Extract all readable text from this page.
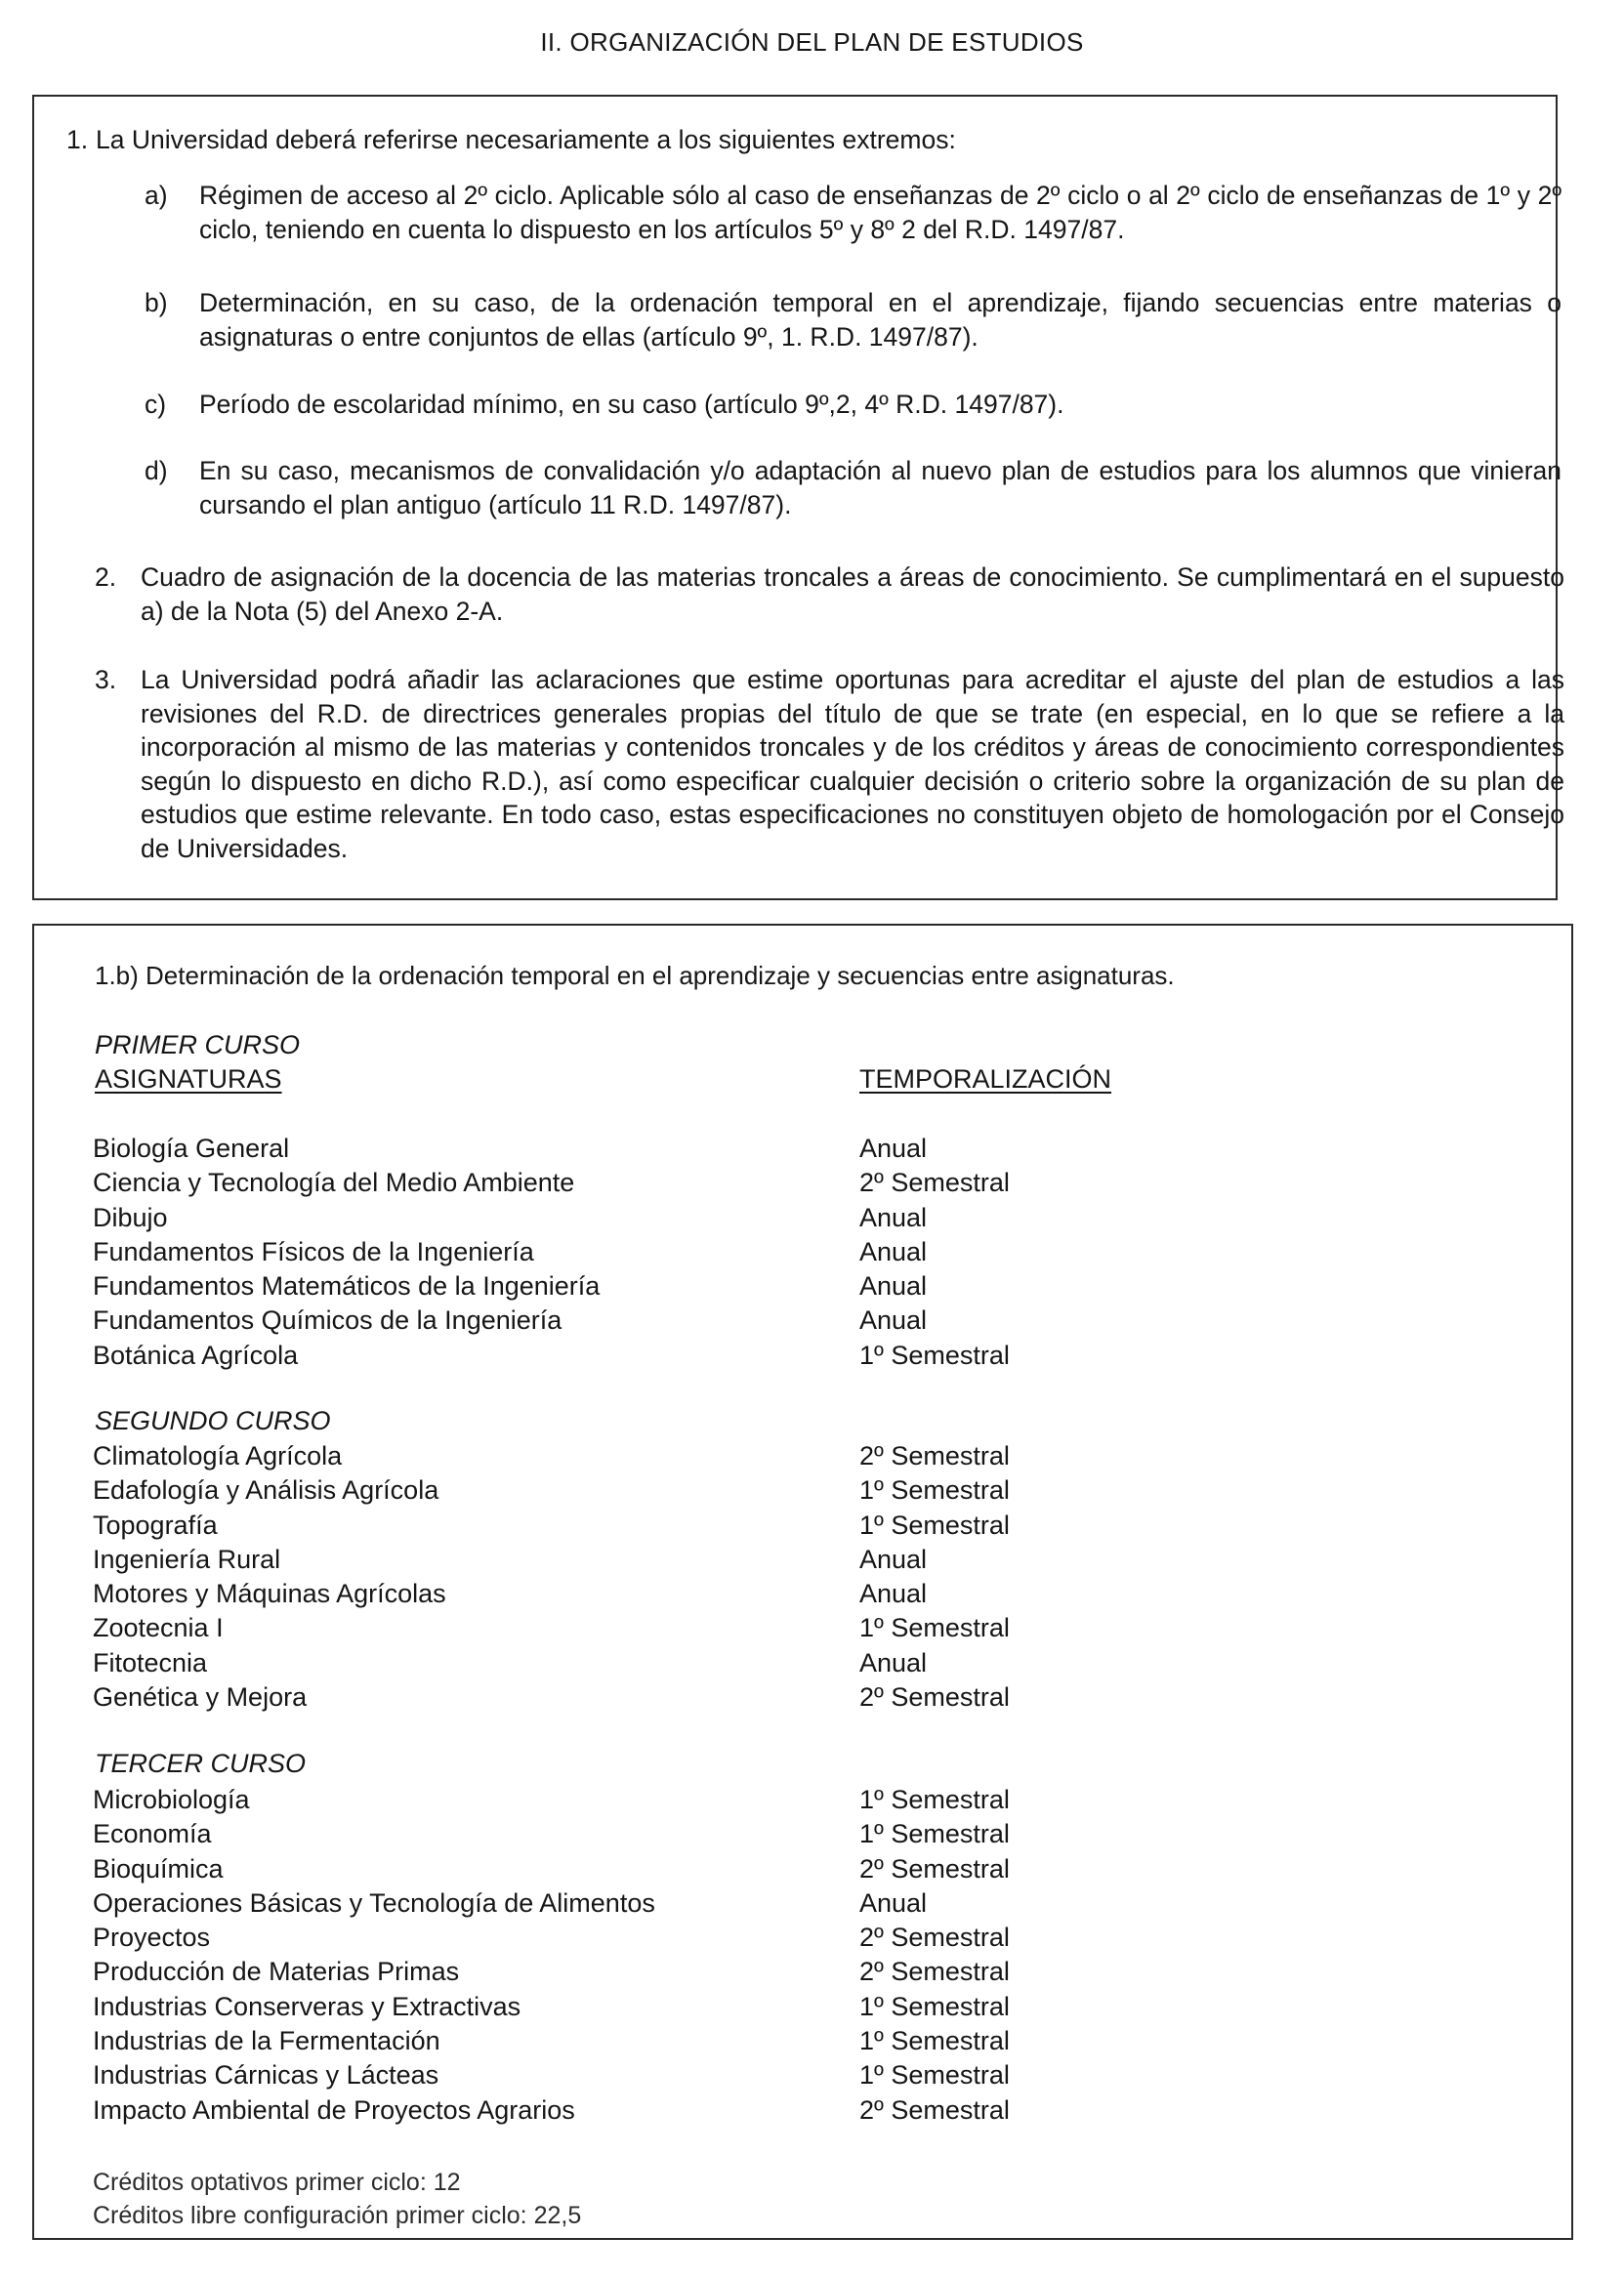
II. ORGANIZACIÓN DEL PLAN DE ESTUDIOS
1. La Universidad deberá referirse necesariamente a los siguientes extremos:
a)	Régimen de acceso al 2º ciclo. Aplicable sólo al caso de enseñanzas de 2º ciclo o al 2º ciclo de enseñanzas de 1º y 2º ciclo, teniendo en cuenta lo dispuesto en los artículos 5º y 8º 2 del R.D. 1497/87.
b)	Determinación, en su caso, de la ordenación temporal en el aprendizaje, fijando secuencias entre materias o asignaturas o entre conjuntos de ellas (artículo 9º, 1. R.D. 1497/87).
c)	Período de escolaridad mínimo, en su caso (artículo 9º,2, 4º R.D. 1497/87).
d)	En su caso, mecanismos de convalidación y/o adaptación al nuevo plan de estudios para los alumnos que vinieran cursando el plan antiguo (artículo 11 R.D. 1497/87).
2. Cuadro de asignación de la docencia de las materias troncales a áreas de conocimiento. Se cumplimentará en el supuesto a) de la Nota (5) del Anexo 2-A.
3. La Universidad podrá añadir las aclaraciones que estime oportunas para acreditar el ajuste del plan de estudios a las revisiones del R.D. de directrices generales propias del título de que se trate (en especial, en lo que se refiere a la incorporación al mismo de las materias y contenidos troncales y de los créditos y áreas de conocimiento correspondientes según lo dispuesto en dicho R.D.), así como especificar cualquier decisión o criterio sobre la organización de su plan de estudios que estime relevante. En todo caso, estas especificaciones no constituyen objeto de homologación por el Consejo de Universidades.
1.b) Determinación de la ordenación temporal en el aprendizaje y secuencias entre asignaturas.
PRIMER CURSO
ASIGNATURAS	TEMPORALIZACIÓN
Biología General	Anual
Ciencia y Tecnología del Medio Ambiente	2º Semestral
Dibujo	Anual
Fundamentos Físicos de la Ingeniería	Anual
Fundamentos Matemáticos de la Ingeniería	Anual
Fundamentos Químicos de la Ingeniería	Anual
Botánica Agrícola	1º Semestral
SEGUNDO CURSO
Climatología Agrícola	2º Semestral
Edafología y Análisis Agrícola	1º Semestral
Topografía	1º Semestral
Ingeniería Rural	Anual
Motores y Máquinas Agrícolas	Anual
Zootecnia I	1º Semestral
Fitotecnia	Anual
Genética y Mejora	2º Semestral
TERCER CURSO
Microbiología	1º Semestral
Economía	1º Semestral
Bioquímica	2º Semestral
Operaciones Básicas y Tecnología de Alimentos	Anual
Proyectos	2º Semestral
Producción de Materias Primas	2º Semestral
Industrias Conserveras y Extractivas	1º Semestral
Industrias de la Fermentación	1º Semestral
Industrias Cárnicas y Lácteas	1º Semestral
Impacto Ambiental de Proyectos Agrarios	2º Semestral
Créditos optativos primer ciclo: 12
Créditos libre configuración primer ciclo: 22,5
